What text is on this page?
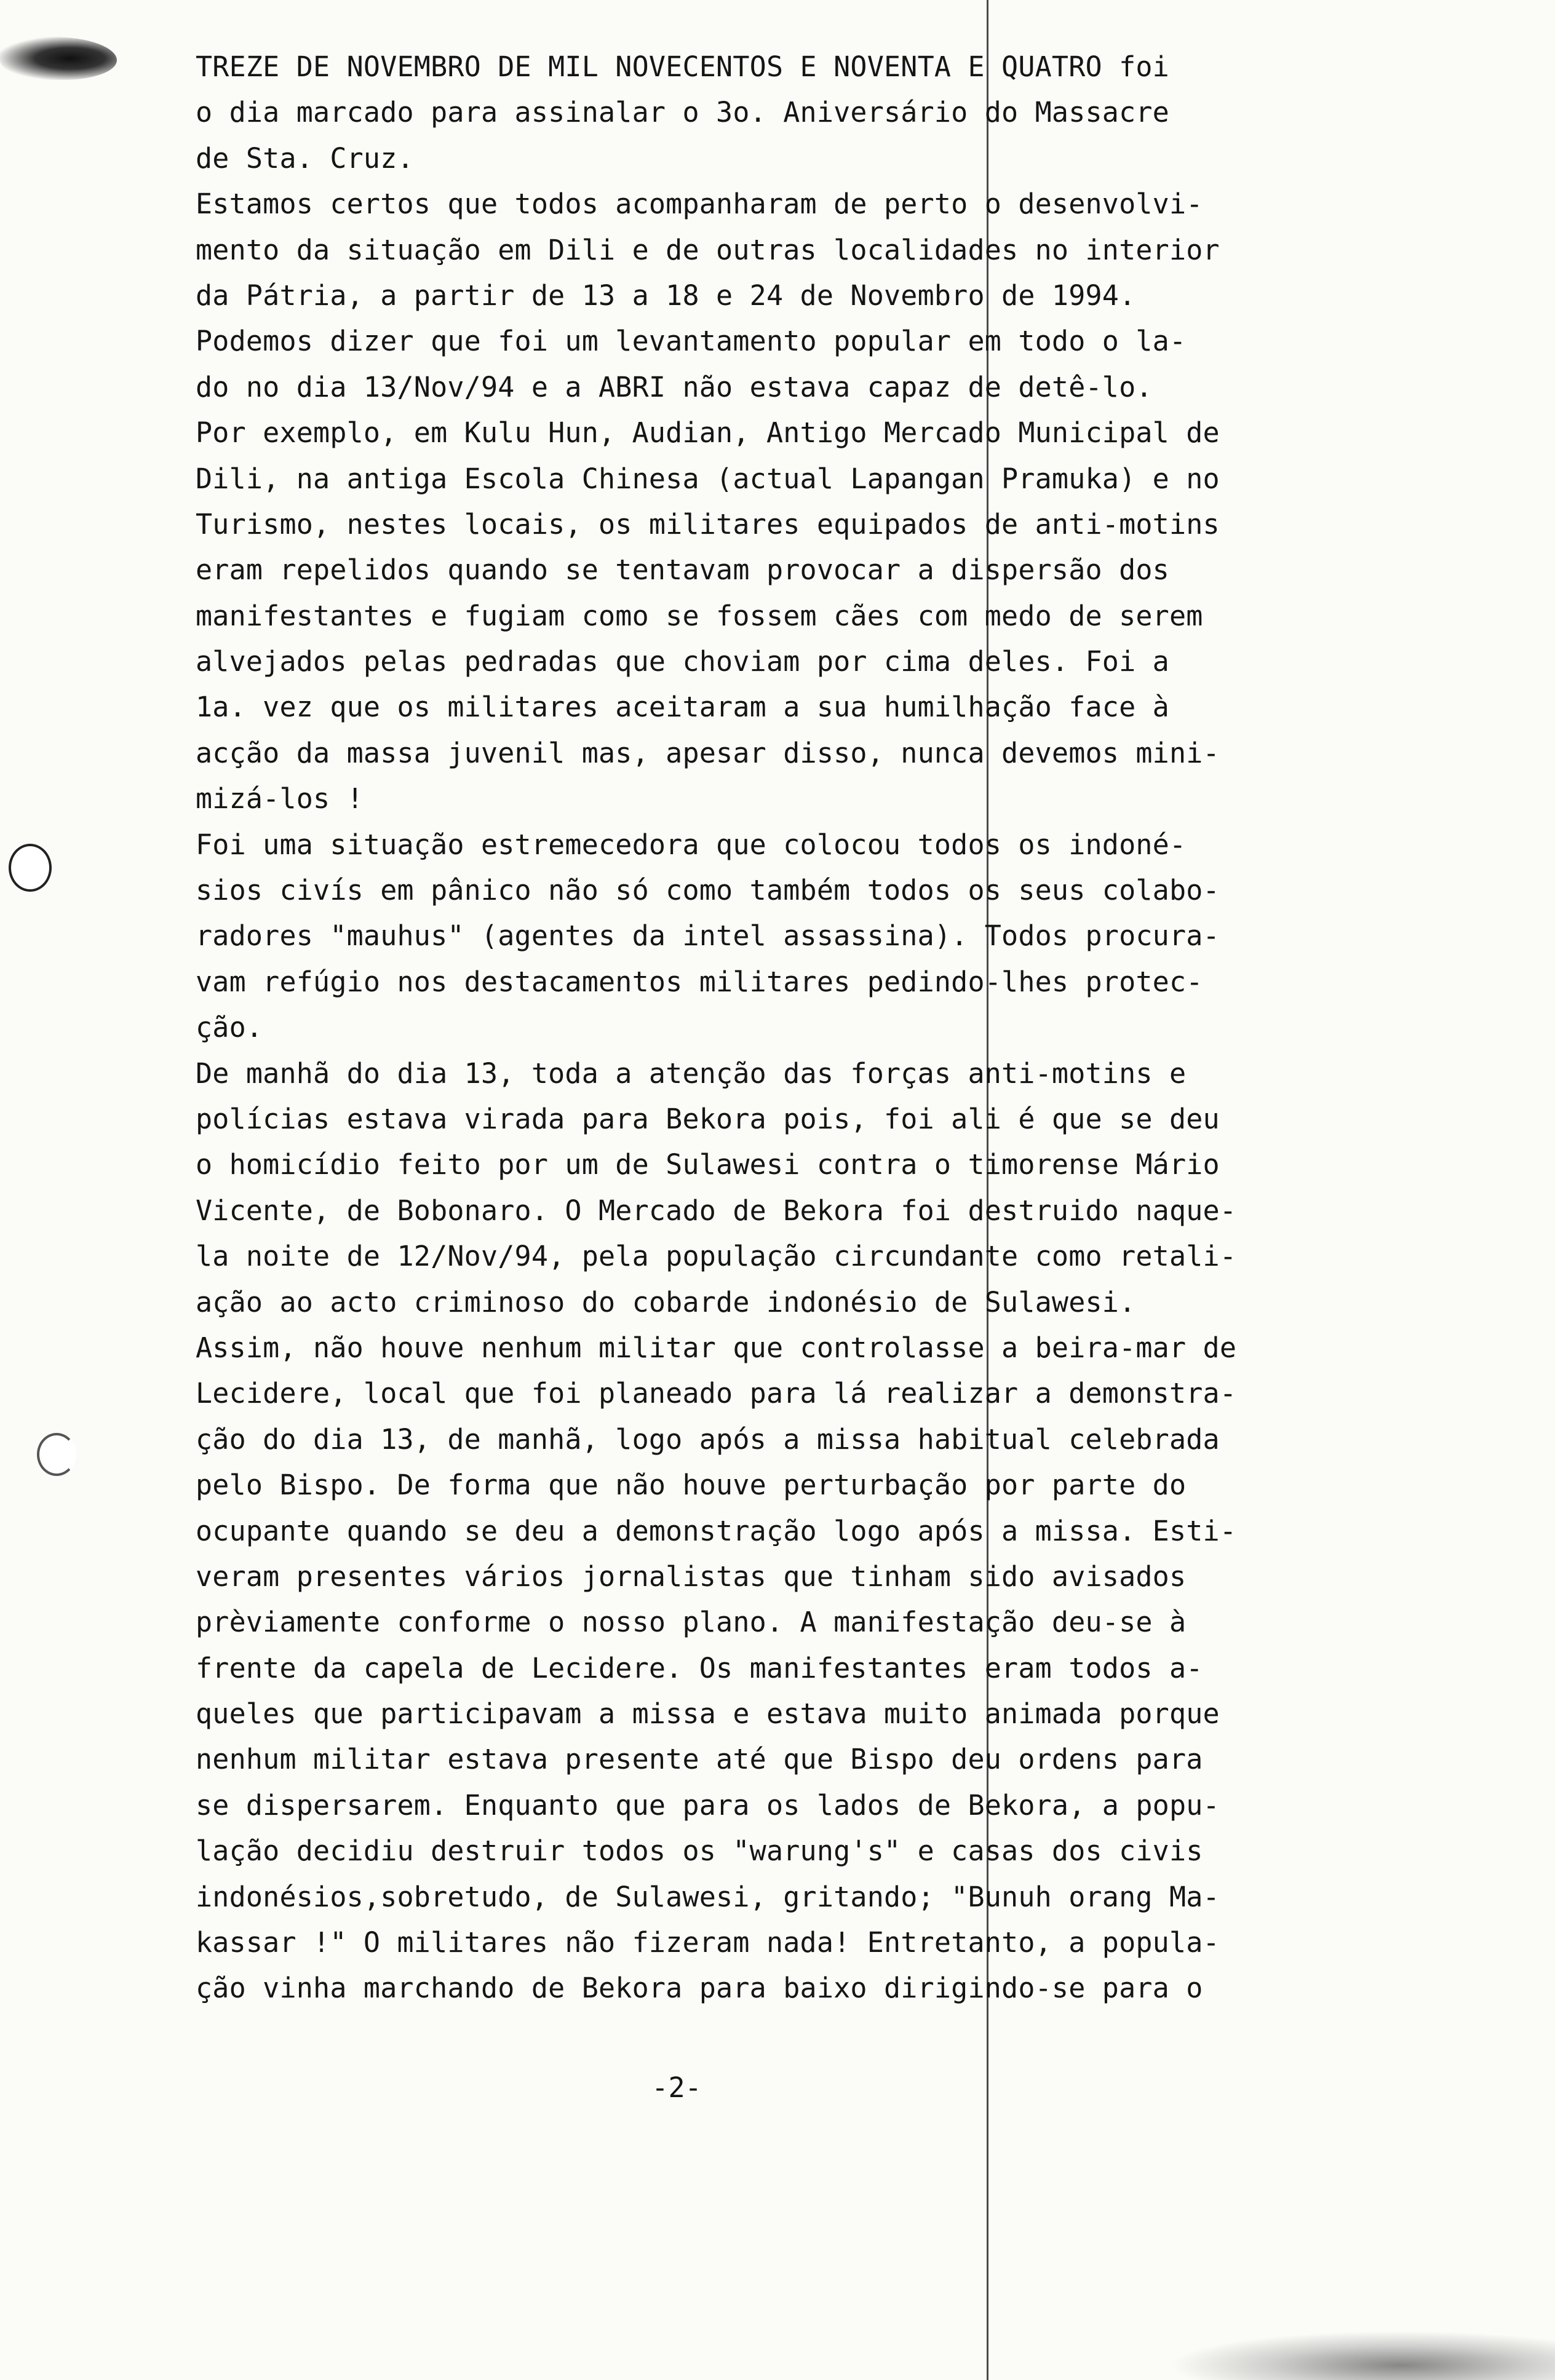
TREZE DE NOVEMBRO DE MIL NOVECENTOS E NOVENTA E QUATRO foi
o dia marcado para assinalar o 3o. Aniversário do Massacre
de Sta. Cruz.
Estamos certos que todos acompanharam de perto o desenvolvi-
mento da situação em Dili e de outras localidades no interior
da Pátria, a partir de 13 a 18 e 24 de Novembro de 1994.
Podemos dizer que foi um levantamento popular em todo o la-
do no dia 13/Nov/94 e a ABRI não estava capaz de detê-lo.
Por exemplo, em Kulu Hun, Audian, Antigo Mercado Municipal de
Dili, na antiga Escola Chinesa (actual Lapangan Pramuka) e no
Turismo, nestes locais, os militares equipados de anti-motins
eram repelidos quando se tentavam provocar a dispersão dos
manifestantes e fugiam como se fossem cães com medo de serem
alvejados pelas pedradas que choviam por cima deles. Foi a
1a. vez que os militares aceitaram a sua humilhação face à
acção da massa juvenil mas, apesar disso, nunca devemos mini-
mizá-los !
Foi uma situação estremecedora que colocou todos os indoné-
sios civís em pânico não só como também todos os seus colabo-
radores "mauhus" (agentes da intel assassina). Todos procura-
vam refúgio nos destacamentos militares pedindo-lhes protec-
ção.
De manhã do dia 13, toda a atenção das forças anti-motins e
polícias estava virada para Bekora pois, foi ali é que se deu
o homicídio feito por um de Sulawesi contra o timorense Mário
Vicente, de Bobonaro. O Mercado de Bekora foi destruido naque-
la noite de 12/Nov/94, pela população circundante como retali-
ação ao acto criminoso do cobarde indonésio de Sulawesi.
Assim, não houve nenhum militar que controlasse a beira-mar de
Lecidere, local que foi planeado para lá realizar a demonstra-
ção do dia 13, de manhã, logo após a missa habitual celebrada
pelo Bispo. De forma que não houve perturbação por parte do
ocupante quando se deu a demonstração logo após a missa. Esti-
veram presentes vários jornalistas que tinham sido avisados
prèviamente conforme o nosso plano. A manifestação deu-se à
frente da capela de Lecidere. Os manifestantes eram todos a-
queles que participavam a missa e estava muito animada porque
nenhum militar estava presente até que Bispo deu ordens para
se dispersarem. Enquanto que para os lados de Bekora, a popu-
lação decidiu destruir todos os "warung's" e casas dos civis
indonésios,sobretudo, de Sulawesi, gritando; "Bunuh orang Ma-
kassar !" O militares não fizeram nada! Entretanto, a popula-
ção vinha marchando de Bekora para baixo dirigindo-se para o
-2-
